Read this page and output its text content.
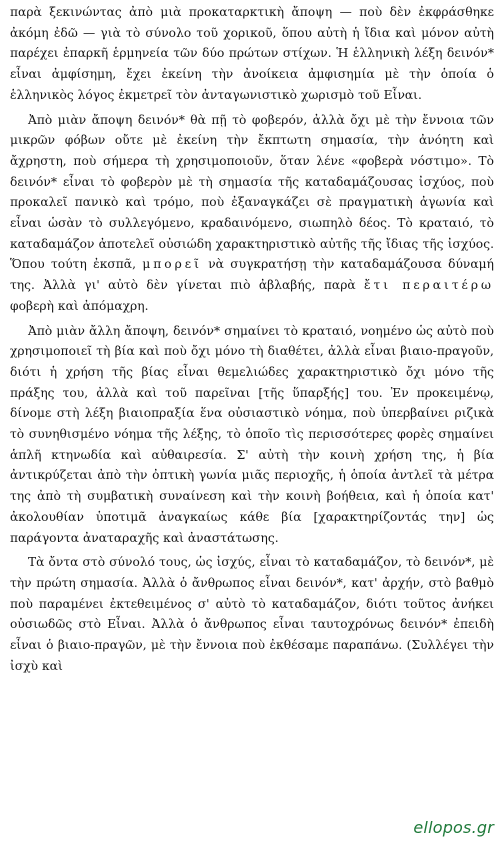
παρὰ ξεκινώντας ἀπὸ μιὰ προκαταρκτικὴ ἄποψη — ποὺ δὲν ἐκφράσθηκε ἀκόμη ἐδῶ — γιὰ τὸ σύνολο τοῦ χορικοῦ, ὅπου αὐτὴ ἡ ἴδια καὶ μόνον αὐτὴ παρέχει ἐπαρκῆ ἑρμηνεία τῶν δύο πρώτων στίχων. Ἡ ἑλληνικὴ λέξη δεινόν* εἶναι ἀμφίσημη, ἔχει ἐκείνη τὴν ἀνοίκεια ἀμφισημία μὲ τὴν ὁποία ὁ ἑλληνικὸς λόγος ἐκμετρεῖ τὸν ἀνταγωνιστικὸ χωρισμὸ τοῦ Εἶναι.

Ἀπὸ μιὰν ἄποψη δεινόν* θὰ πῇ τὸ φοβερόν, ἀλλὰ ὄχι μὲ τὴν ἔννοια τῶν μικρῶν φόβων οὔτε μὲ ἐκείνη τὴν ἔκπτωτη σημασία, τὴν ἀνόητη καὶ ἄχρηστη, ποὺ σήμερα τὴ χρησιμοποιοῦν, ὅταν λένε «φοβερὰ νόστιμο». Τὸ δεινόν* εἶναι τὸ φοβερὸν μὲ τὴ σημασία τῆς καταδαμάζουσας ἰσχύος, ποὺ προκαλεῖ πανικὸ καὶ τρόμο, ποὺ ἐξαναγκάζει σὲ πραγματικὴ ἀγωνία καὶ εἶναι ὡσὰν τὸ συλλεγόμενο, κραδαινόμενο, σιωπηλὸ δέος. Τὸ κραταιό, τὸ καταδαμάζον ἀποτελεῖ οὐσιώδη χαρακτηριστικὸ αὐτῆς τῆς ἴδιας τῆς ἰσχύος. Ὅπου τούτη ἐκσπᾶ, μπορεῖ νὰ συγκρατήσῃ τὴν καταδαμάζουσα δύναμή της. Ἀλλὰ γι' αὐτὸ δὲν γίνεται πιὸ ἀβλαβής, παρὰ ἔτι περαιτέρω φοβερὴ καὶ ἀπόμαχρη.

Ἀπὸ μιὰν ἄλλη ἄποψη, δεινόν* σημαίνει τὸ κραταιό, νοημένο ὡς αὐτὸ ποὺ χρησιμοποιεῖ τὴ βία καὶ ποὺ ὄχι μόνο τὴ διαθέτει, ἀλλὰ εἶναι βιαιο-πραγοῦν, διότι ἡ χρήση τῆς βίας εἶναι θεμελιώδες χαρακτηριστικὸ ὄχι μόνο τῆς πράξης του, ἀλλὰ καὶ τοῦ παρεῖναι [τῆς ὕπαρξής] του. Ἐν προκειμένῳ, δίνομε στὴ λέξη βιαιοπραξία ἕνα οὐσιαστικὸ νόημα, ποὺ ὑπερβαίνει ριζικὰ τὸ συνηθισμένο νόημα τῆς λέξης, τὸ ὁποῖο τὶς περισσότερες φορὲς σημαίνει ἁπλῆ κτηνωδία καὶ αὐθαιρεσία. Σ' αὐτὴ τὴν κοινὴ χρήση της, ἡ βία ἀντικρύζεται ἀπὸ τὴν ὀπτικὴ γωνία μιᾶς περιοχῆς, ἡ ὁποία ἀντλεῖ τὰ μέτρα της ἀπὸ τὴ συμβατικὴ συναίνεση καὶ τὴν κοινὴ βοήθεια, καὶ ἡ ὁποία κατ' ἀκολουθίαν ὑποτιμᾶ ἀναγκαίως κάθε βία [χαρακτηρίζοντάς την] ὡς παράγοντα ἀναταραχῆς καὶ ἀναστάτωσης.

Τὰ ὄντα στὸ σύνολό τους, ὡς ἰσχύς, εἶναι τὸ καταδαμάζον, τὸ δεινόν*, μὲ τὴν πρώτη σημασία. Ἀλλὰ ὁ ἄνθρωπος εἶναι δεινόν*, κατ' ἀρχήν, στὸ βαθμὸ ποὺ παραμένει ἐκτεθειμένος σ' αὐτὸ τὸ καταδαμάζον, διότι τοῦτος ἀνήκει οὐσιωδῶς στὸ Εἶναι. Ἀλλὰ ὁ ἄνθρωπος εἶναι ταυτοχρόνως δεινόν* ἐπειδὴ εἶναι ὁ βιαιο-πραγῶν, μὲ τὴν ἔννοια ποὺ ἐκθέσαμε παραπάνω. (Συλλέγει τὴν ἰσχὺ καὶ

ellopos.gr
